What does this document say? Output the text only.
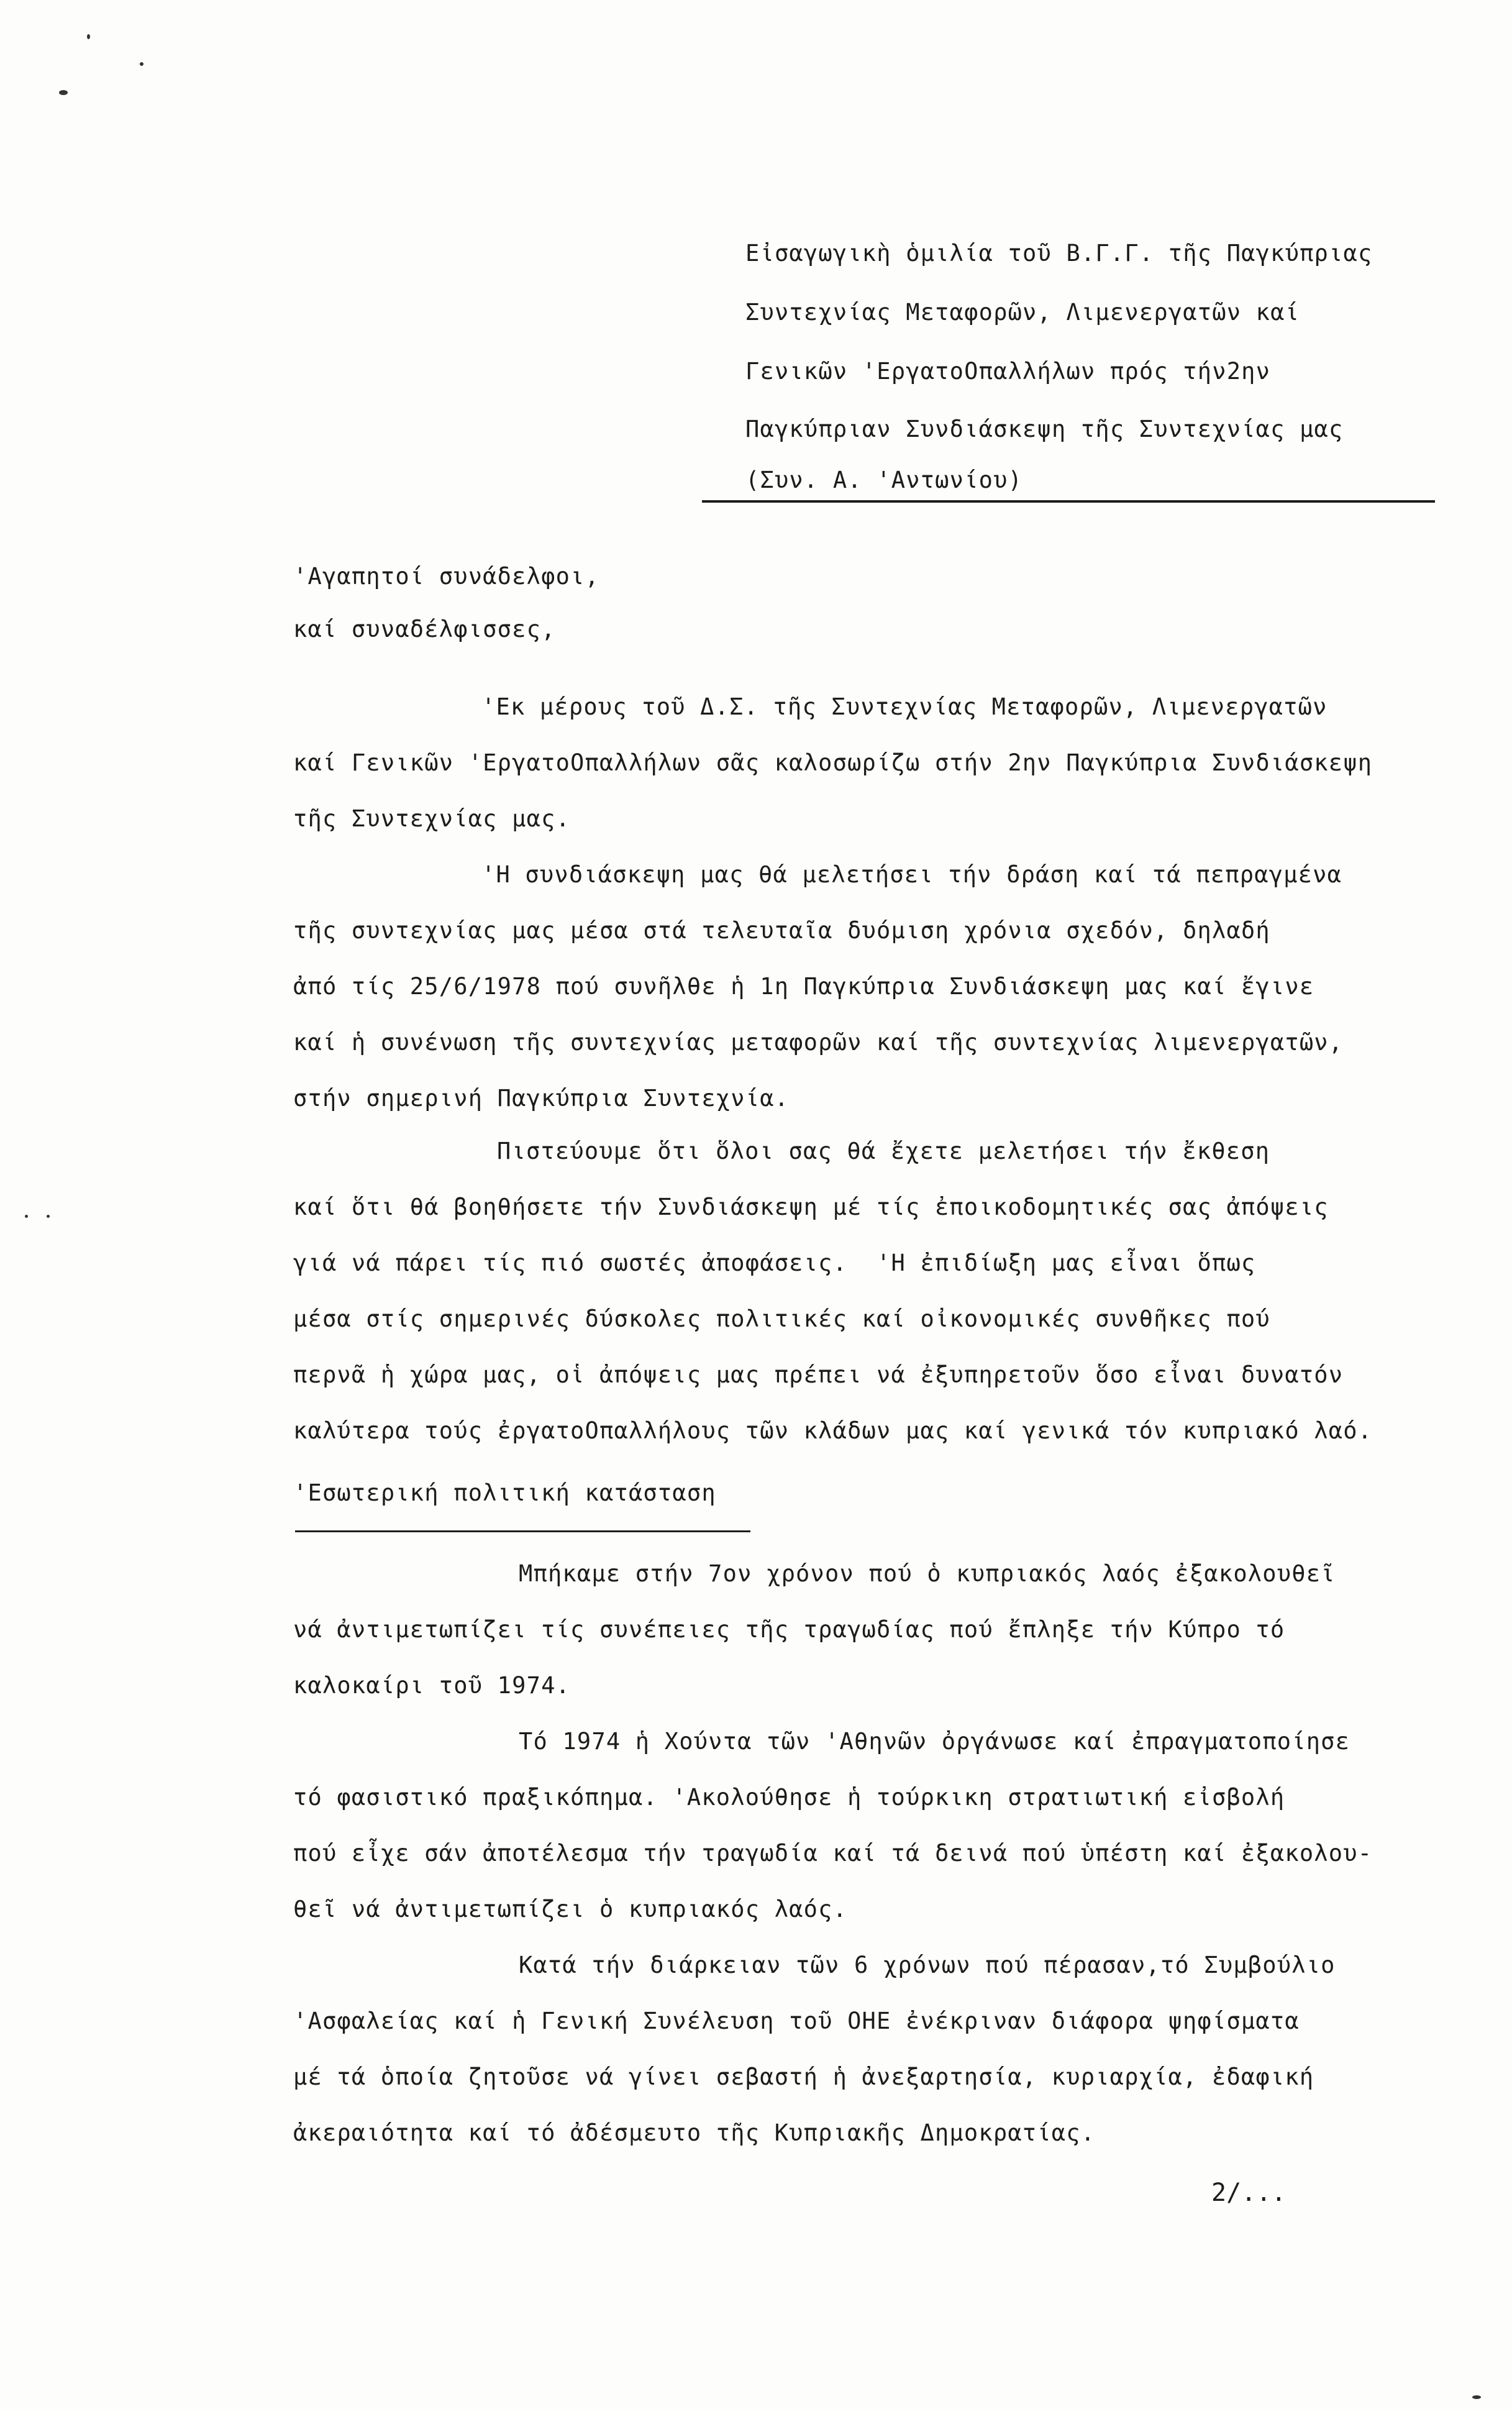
Εἰσαγωγικὴ ὁμιλία τοῦ Β.Γ.Γ. τῆς Παγκύπριας
Συντεχνίας Μεταφορῶν, Λιμενεργατῶν καί
Γενικῶν 'ΕργατοΟπαλλήλων πρός τήν2ην
Παγκύπριαν Συνδιάσκεψη τῆς Συντεχνίας μας
(Συν. Α. 'Αντωνίου)
'Αγαπητοί συνάδελφοι,
καί συναδέλφισσες,
'Εκ μέρους τοῦ Δ.Σ. τῆς Συντεχνίας Μεταφορῶν, Λιμενεργατῶν
καί Γενικῶν 'ΕργατοΟπαλλήλων σᾶς καλοσωρίζω στήν 2ην Παγκύπρια Συνδιάσκεψη
τῆς Συντεχνίας μας.
'Η συνδιάσκεψη μας θά μελετήσει τήν δράση καί τά πεπραγμένα
τῆς συντεχνίας μας μέσα στά τελευταῖα δυόμιση χρόνια σχεδόν, δηλαδή
ἀπό τίς 25/6/1978 πού συνῆλθε ἡ 1η Παγκύπρια Συνδιάσκεψη μας καί ἔγινε
καί ἡ συνένωση τῆς συντεχνίας μεταφορῶν καί τῆς συντεχνίας λιμενεργατῶν,
στήν σημερινή Παγκύπρια Συντεχνία.
Πιστεύουμε ὅτι ὅλοι σας θά ἔχετε μελετήσει τήν ἔκθεση
καί ὅτι θά βοηθήσετε τήν Συνδιάσκεψη μέ τίς ἐποικοδομητικές σας ἀπόψεις
γιά νά πάρει τίς πιό σωστές ἀποφάσεις.  'Η ἐπιδίωξη μας εἶναι ὅπως
μέσα στίς σημερινές δύσκολες πολιτικές καί οἰκονομικές συνθῆκες πού
περνᾶ ἡ χώρα μας, οἱ ἀπόψεις μας πρέπει νά ἐξυπηρετοῦν ὅσο εἶναι δυνατόν
καλύτερα τούς ἐργατοΟπαλλήλους τῶν κλάδων μας καί γενικά τόν κυπριακό λαό.
'Εσωτερική πολιτική κατάσταση
Μπήκαμε στήν 7ον χρόνον πού ὁ κυπριακός λαός ἐξακολουθεῖ
νά ἀντιμετωπίζει τίς συνέπειες τῆς τραγωδίας πού ἔπληξε τήν Κύπρο τό
καλοκαίρι τοῦ 1974.
Τό 1974 ἡ Χούντα τῶν 'Αθηνῶν ὀργάνωσε καί ἐπραγματοποίησε
τό φασιστικό πραξικόπημα. 'Ακολούθησε ἡ τούρκικη στρατιωτική εἰσβολή
πού εἶχε σάν ἀποτέλεσμα τήν τραγωδία καί τά δεινά πού ὑπέστη καί ἐξακολου-
θεῖ νά ἀντιμετωπίζει ὁ κυπριακός λαός.
Κατά τήν διάρκειαν τῶν 6 χρόνων πού πέρασαν,τό Συμβούλιο
'Ασφαλείας καί ἡ Γενική Συνέλευση τοῦ ΟΗΕ ἐνέκριναν διάφορα ψηφίσματα
μέ τά ὁποία ζητοῦσε νά γίνει σεβαστή ἡ ἀνεξαρτησία, κυριαρχία, ἐδαφική
ἀκεραιότητα καί τό ἀδέσμευτο τῆς Κυπριακῆς Δημοκρατίας.
2/...
